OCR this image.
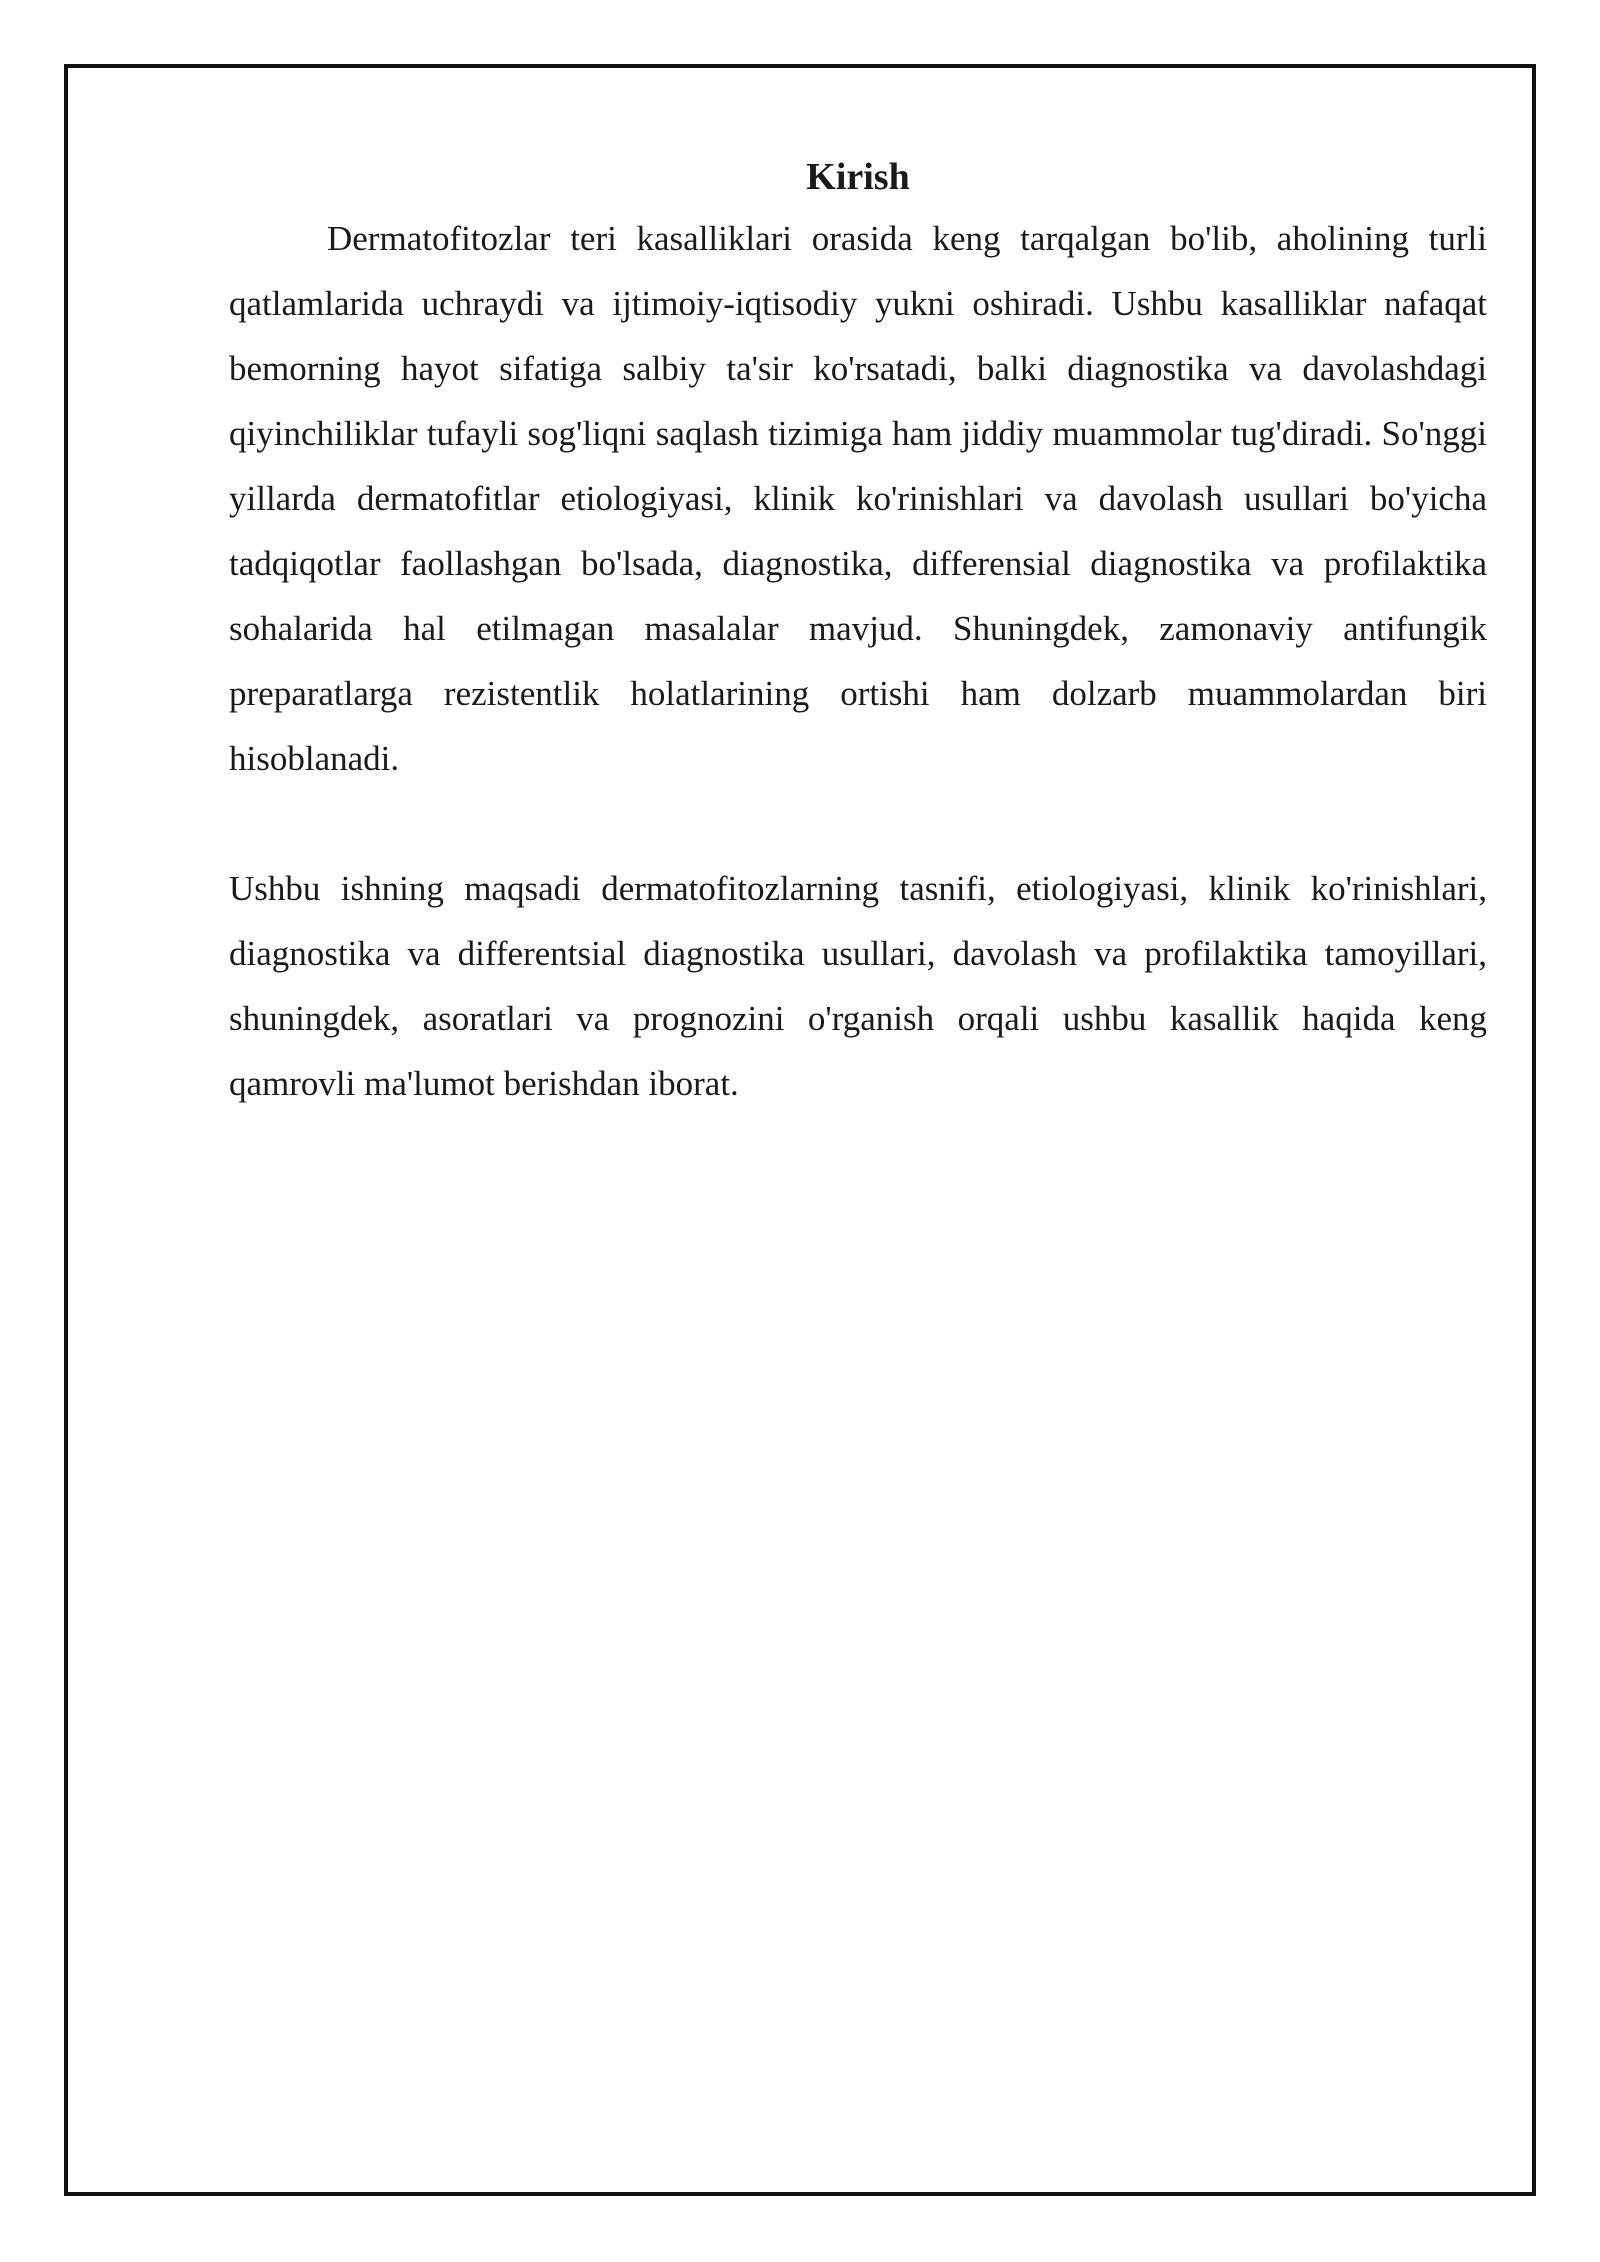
Kirish

Dermatofitozlar teri kasalliklari orasida keng tarqalgan bo'lib, aholining turli qatlamlarida uchraydi va ijtimoiy-iqtisodiy yukni oshiradi. Ushbu kasalliklar nafaqat bemorning hayot sifatiga salbiy ta'sir ko'rsatadi, balki diagnostika va davolashdagi qiyinchiliklar tufayli sog'liqni saqlash tizimiga ham jiddiy muammolar tug'diradi. So'nggi yillarda dermatofitlar etiologiyasi, klinik ko'rinishlari va davolash usullari bo'yicha tadqiqotlar faollashgan bo'lsada, diagnostika, differensial diagnostika va profilaktika sohalarida hal etilmagan masalalar mavjud. Shuningdek, zamonaviy antifungik preparatlarga rezistentlik holatlarining ortishi ham dolzarb muammolardan biri hisoblanadi.

Ushbu ishning maqsadi dermatofitozlarning tasnifi, etiologiyasi, klinik ko'rinishlari, diagnostika va differentsial diagnostika usullari, davolash va profilaktika tamoyillari, shuningdek, asoratlari va prognozini o'rganish orqali ushbu kasallik haqida keng qamrovli ma'lumot berishdan iborat.
